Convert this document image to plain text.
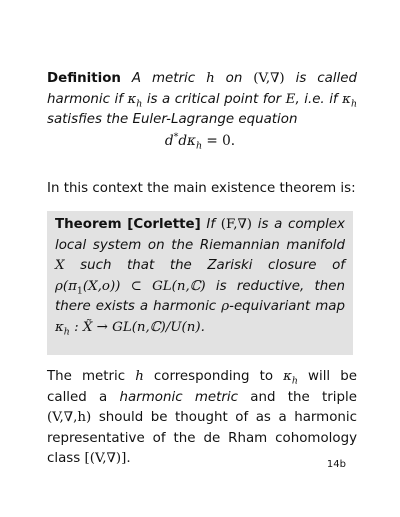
Definition A metric h on (V,∇) is called harmonic if $\kappa_h$ is a critical point for E, i.e. if $\kappa_h$ satisfies the Euler-Lagrange equation
$d^*d\kappa_h = 0$.
In this context the main existence theorem is:
Theorem [Corlette] If (F,∇) is a complex local system on the Riemannian manifold X such that the Zariski closure of $\rho(\pi_1(X,o))$ ⊂ GL(n,ℂ) is reductive, then there exists a harmonic ρ-equivariant map $\kappa_h$ : X̃ → GL(n,ℂ)/U(n).
The metric h corresponding to $\kappa_h$ will be called a harmonic metric and the triple (V,∇,h) should be thought of as a harmonic representative of the de Rham cohomology class [(V,∇)].	14b
